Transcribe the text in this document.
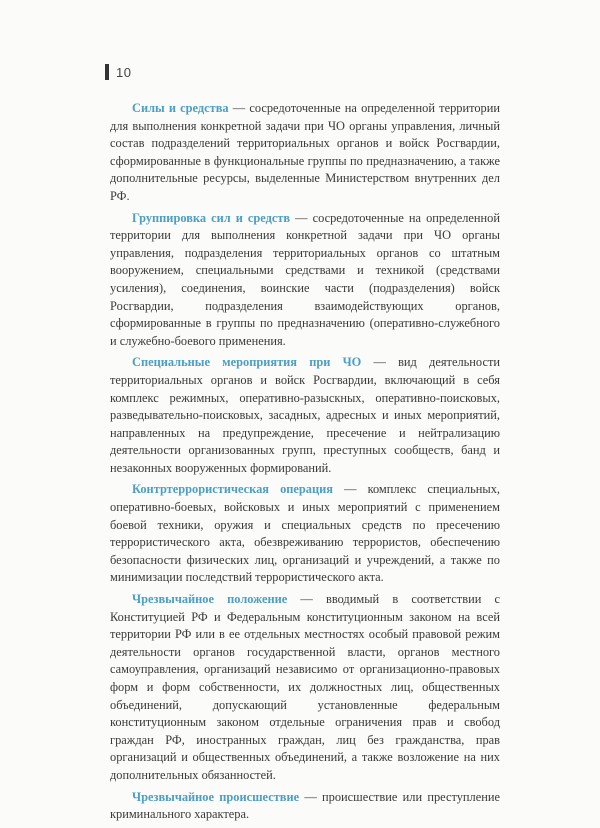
10

Силы и средства — сосредоточенные на определенной территории для выполнения конкретной задачи при ЧО органы управления, личный состав подразделений территориальных органов и войск Росгвардии, сформированные в функциональные группы по предназначению, а также дополнительные ресурсы, выделенные Министерством внутренних дел РФ.

Группировка сил и средств — сосредоточенные на определенной территории для выполнения конкретной задачи при ЧО органы управления, подразделения территориальных органов со штатным вооружением, специальными средствами и техникой (средствами усиления), соединения, воинские части (подразделения) войск Росгвардии, подразделения взаимодействующих органов, сформированные в группы по предназначению (оперативно-служебного и служебно-боевого применения.

Специальные мероприятия при ЧО — вид деятельности территориальных органов и войск Росгвардии, включающий в себя комплекс режимных, оперативно-разыскных, оперативно-поисковых, разведывательно-поисковых, засадных, адресных и иных мероприятий, направленных на предупреждение, пресечение и нейтрализацию деятельности организованных групп, преступных сообществ, банд и незаконных вооруженных формирований.

Контртеррористическая операция — комплекс специальных, оперативно-боевых, войсковых и иных мероприятий с применением боевой техники, оружия и специальных средств по пресечению террористического акта, обезвреживанию террористов, обеспечению безопасности физических лиц, организаций и учреждений, а также по минимизации последствий террористического акта.

Чрезвычайное положение — вводимый в соответствии с Конституцией РФ и Федеральным конституционным законом на всей территории РФ или в ее отдельных местностях особый правовой режим деятельности органов государственной власти, органов местного самоуправления, организаций независимо от организационно-правовых форм и форм собственности, их должностных лиц, общественных объединений, допускающий установленные федеральным конституционным законом отдельные ограничения прав и свобод граждан РФ, иностранных граждан, лиц без гражданства, прав организаций и общественных объединений, а также возложение на них дополнительных обязанностей.

Чрезвычайное происшествие — происшествие или преступление криминального характера.
